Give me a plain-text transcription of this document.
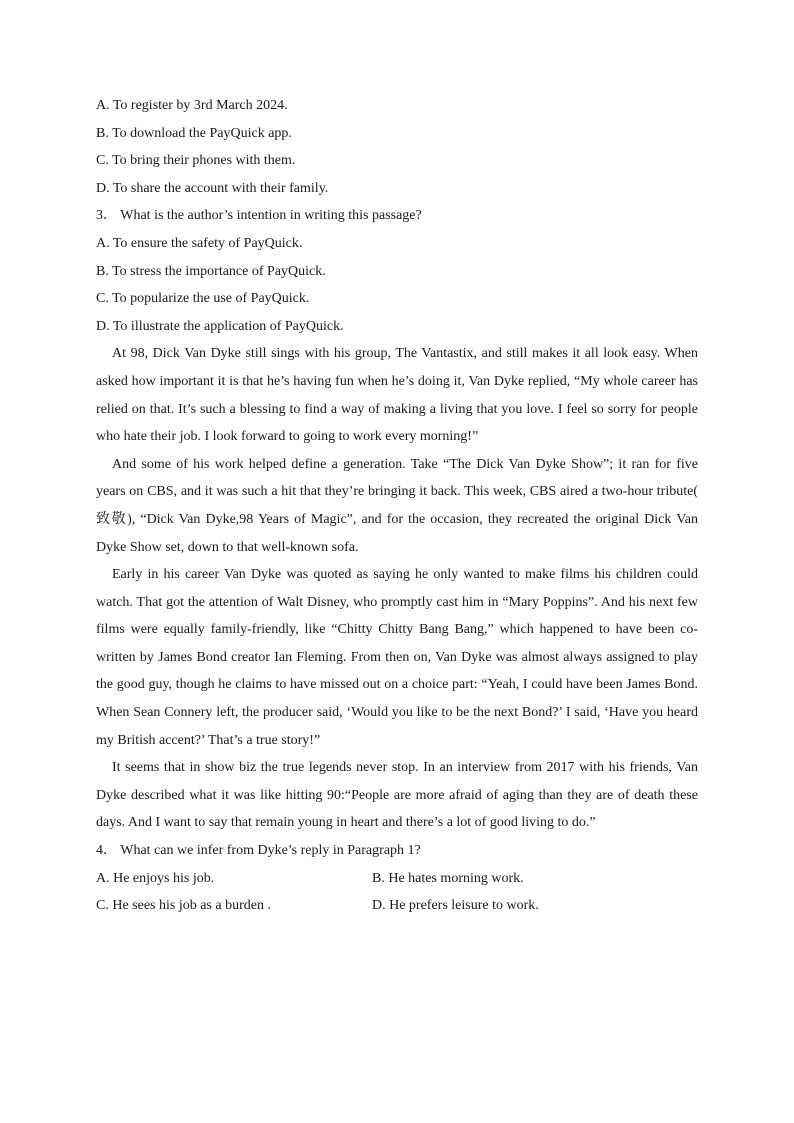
A. To register by 3rd March 2024.
B. To download the PayQuick app.
C. To bring their phones with them.
D. To share the account with their family.
3． What is the author’s intention in writing this passage?
A. To ensure the safety of PayQuick.
B. To stress the importance of PayQuick.
C. To popularize the use of PayQuick.
D. To illustrate the application of PayQuick.

At 98, Dick Van Dyke still sings with his group, The Vantastix, and still makes it all look easy. When asked how important it is that he’s having fun when he’s doing it, Van Dyke replied, “My whole career has relied on that. It’s such a blessing to find a way of making a living that you love. I feel so sorry for people who hate their job. I look forward to going to work every morning!”

And some of his work helped define a generation. Take “The Dick Van Dyke Show”; it ran for five years on CBS, and it was such a hit that they’re bringing it back. This week, CBS aired a two-hour tribute( 致敬), “Dick Van Dyke,98 Years of Magic”, and for the occasion, they recreated the original Dick Van Dyke Show set, down to that well-known sofa.

Early in his career Van Dyke was quoted as saying he only wanted to make films his children could watch. That got the attention of Walt Disney, who promptly cast him in “Mary Poppins”. And his next few films were equally family-friendly, like “Chitty Chitty Bang Bang,” which happened to have been co-written by James Bond creator Ian Fleming. From then on, Van Dyke was almost always assigned to play the good guy, though he claims to have missed out on a choice part: “Yeah, I could have been James Bond. When Sean Connery left, the producer said, ‘Would you like to be the next Bond?’ I said, ‘Have you heard my British accent?’ That’s a true story!”

It seems that in show biz the true legends never stop. In an interview from 2017 with his friends, Van Dyke described what it was like hitting 90:“People are more afraid of aging than they are of death these days. And I want to say that remain young in heart and there’s a lot of good living to do.”

4． What can we infer from Dyke’s reply in Paragraph 1?
A. He enjoys his job.	B. He hates morning work.
C. He sees his job as a burden .	D. He prefers leisure to work.
